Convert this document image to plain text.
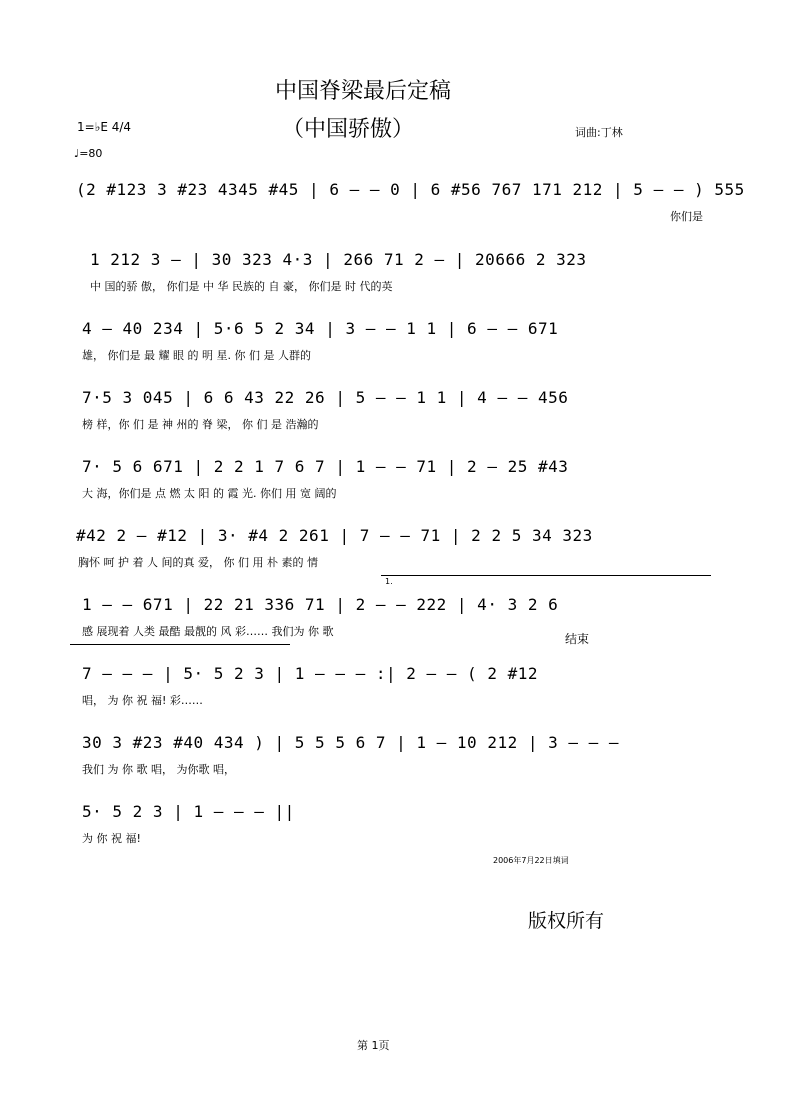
中国脊梁最后定稿
（中国骄傲）	词曲:丁林
1=♭E 4/4
♩=80
(2 #123 3 #23 4345 #45 | 6 – – 0 | 6 #56 767 171 212 | 5 – – ) 555
你们是
1 212 3 – | 30 323 4·3 | 266 71 2 – | 20666 2 323
中 国的骄 傲， 你们是 中 华 民族的 自 豪， 你们是 时 代的英
4 – 40 234 | 5·6 5 2 34 | 3 – – 1 1 | 6 – – 671
雄， 你们是 最 耀 眼 的 明 星. 你 们 是 人群的
7·5 3 045 | 6 6 43 22 26 | 5 – – 1 1 | 4 – – 456
榜 样，你 们 是 神 州的 脊 梁， 你 们 是 浩瀚的
7· 5 6 671 | 2 2 1 7 6 7 | 1 – – 71 | 2 – 25 #43
大 海，你们是 点 燃 太 阳 的 霞 光. 你们 用 宽 阔的
#42 2 – #12 | 3· #4 2 261 | 7 – – 71 | 2 2 5 34 323
胸怀 呵 护 着 人 间的真 爱， 你 们 用 朴 素的 情
1.
1 – – 671 | 22 21 336 71 | 2 – – 222 | 4· 3 2 6
感 展现着 人类 最酷 最靓的 风 彩…… 我们为 你 歌
结束
7 – – – | 5· 5 2 3 | 1 – – – :| 2 – – ( 2 #12
唱， 为 你 祝 福! 彩……
30 3 #23 #40 434 ) | 5 5 5 6 7 | 1 – 10 212 | 3 – – –
我们 为 你 歌 唱， 为你歌 唱，
5· 5 2 3 | 1 – – – ||
为 你 祝 福!
2006年7月22日填词
版权所有
第 1页
